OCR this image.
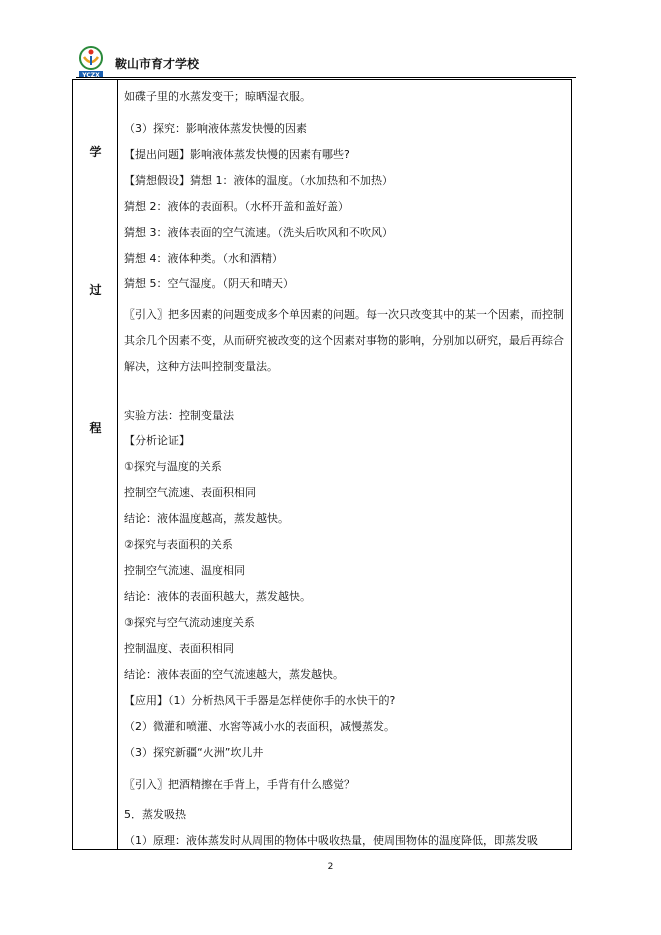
YCZX
鞍山市育才学校
学
过
程
如碟子里的水蒸发变干；晾晒湿衣服。
（3）探究：影响液体蒸发快慢的因素
【提出问题】影响液体蒸发快慢的因素有哪些?
【猜想假设】猜想 1：液体的温度。（水加热和不加热）
猜想 2：液体的表面积。（水杯开盖和盖好盖）
猜想 3：液体表面的空气流速。（洗头后吹风和不吹风）
猜想 4：液体种类。（水和酒精）
猜想 5：空气湿度。（阴天和晴天）
〖引入〗把多因素的问题变成多个单因素的问题。每一次只改变其中的某一个因素，而控制其余几个因素不变，从而研究被改变的这个因素对事物的影响，分别加以研究，最后再综合解决，这种方法叫控制变量法。
实验方法：控制变量法
【分析论证】
①探究与温度的关系
控制空气流速、表面积相同
结论：液体温度越高，蒸发越快。
②探究与表面积的关系
控制空气流速、温度相同
结论：液体的表面积越大，蒸发越快。
③探究与空气流动速度关系
控制温度、表面积相同
结论：液体表面的空气流速越大，蒸发越快。
【应用】（1）分析热风干手器是怎样使你手的水快干的?
（2）微灌和喷灌、水窖等减小水的表面积，减慢蒸发。
（3）探究新疆“火洲”坎儿井
〖引入〗把酒精擦在手背上，手背有什么感觉？
5．蒸发吸热
（1）原理：液体蒸发时从周围的物体中吸收热量，使周围物体的温度降低，即蒸发吸
2
